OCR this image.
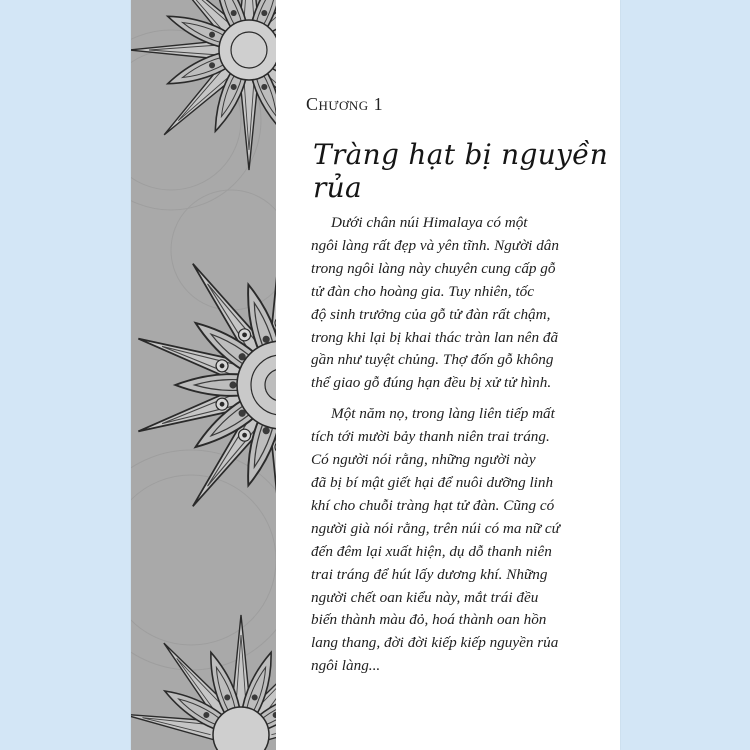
Chương 1
Tràng hạt bị nguyền rủa

Dưới chân núi Himalaya có một
ngôi làng rất đẹp và yên tĩnh. Người dân
trong ngôi làng này chuyên cung cấp gỗ
tử đàn cho hoàng gia. Tuy nhiên, tốc
độ sinh trưởng của gỗ tử đàn rất chậm,
trong khi lại bị khai thác tràn lan nên đã
gần như tuyệt chủng. Thợ đốn gỗ không
thể giao gỗ đúng hạn đều bị xử tử hình.

Một năm nọ, trong làng liên tiếp mất
tích tới mười bảy thanh niên trai tráng.
Có người nói rằng, những người này
đã bị bí mật giết hại để nuôi dưỡng linh
khí cho chuỗi tràng hạt tử đàn. Cũng có
người già nói rằng, trên núi có ma nữ cứ
đến đêm lại xuất hiện, dụ dỗ thanh niên
trai tráng để hút lấy dương khí. Những
người chết oan kiểu này, mắt trái đều
biến thành màu đỏ, hoá thành oan hồn
lang thang, đời đời kiếp kiếp nguyền rủa
ngôi làng...
